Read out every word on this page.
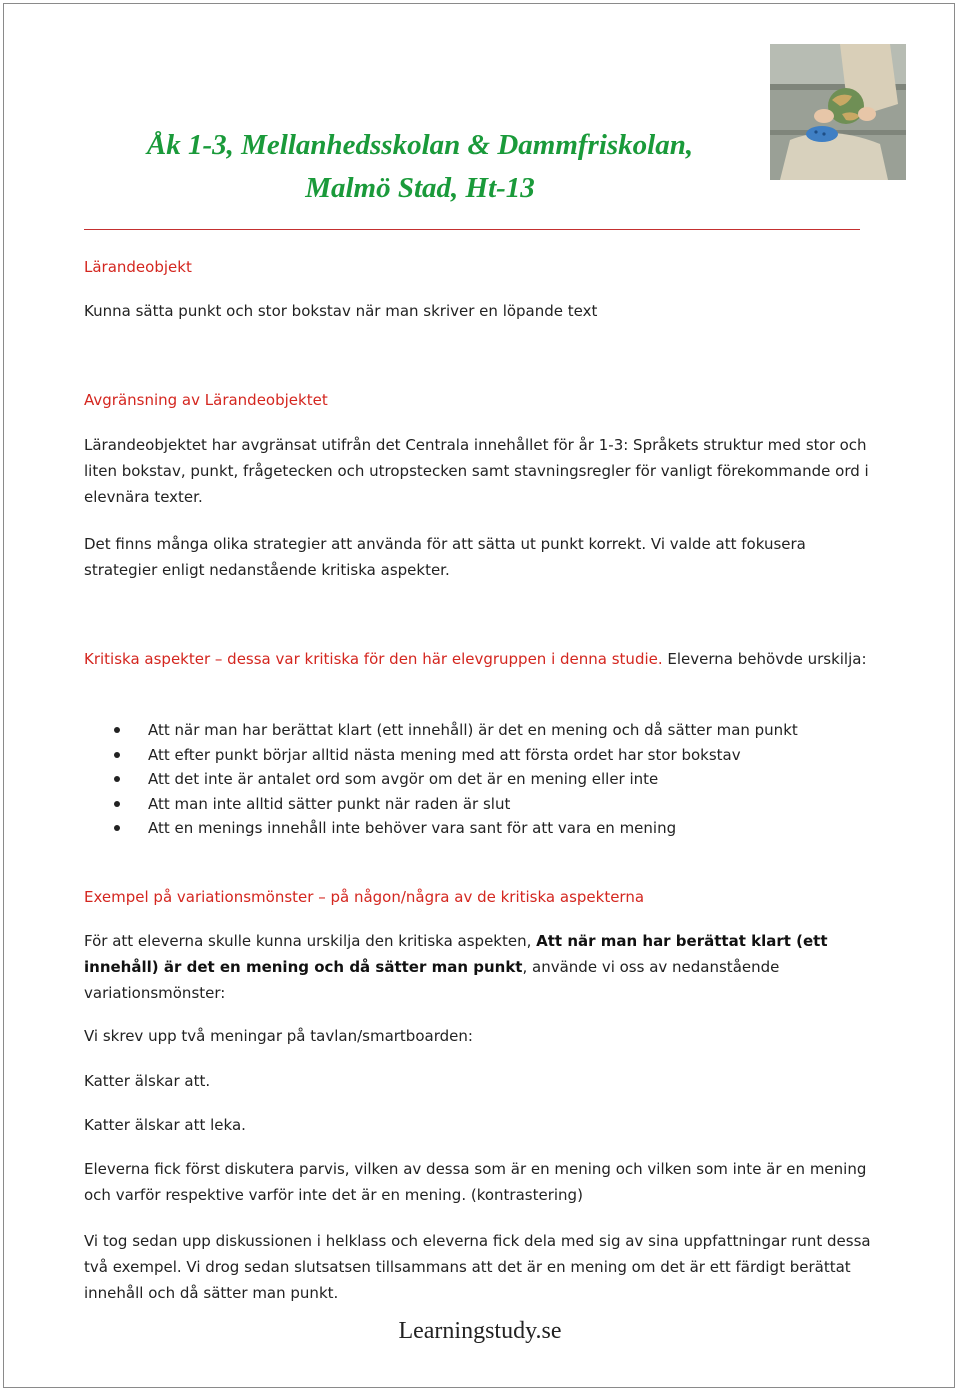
Åk 1-3, Mellanhedsskolan & Dammfriskolan,
Malmö Stad, Ht-13

Lärandeobjekt

Kunna sätta punkt och stor bokstav när man skriver en löpande text

Avgränsning av Lärandeobjektet

Lärandeobjektet har avgränsat utifrån det Centrala innehållet för år 1-3: Språkets struktur med stor och liten bokstav, punkt, frågetecken och utropstecken samt stavningsregler för vanligt förekommande ord i elevnära texter.

Det finns många olika strategier att använda för att sätta ut punkt korrekt. Vi valde att fokusera strategier enligt nedanstående kritiska aspekter.

Kritiska aspekter – dessa var kritiska för den här elevgruppen i denna studie. Eleverna behövde urskilja:

Att när man har berättat klart (ett innehåll) är det en mening och då sätter man punkt
Att efter punkt börjar alltid nästa mening med att första ordet har stor bokstav
Att det inte är antalet ord som avgör om det är en mening eller inte
Att man inte alltid sätter punkt när raden är slut
Att en menings innehåll inte behöver vara sant för att vara en mening

Exempel på variationsmönster – på någon/några av de kritiska aspekterna

För att eleverna skulle kunna urskilja den kritiska aspekten, Att när man har berättat klart (ett innehåll) är det en mening och då sätter man punkt, använde vi oss av nedanstående variationsmönster:

Vi skrev upp två meningar på tavlan/smartboarden:

Katter älskar att.

Katter älskar att leka.

Eleverna fick först diskutera parvis, vilken av dessa som är en mening och vilken som inte är en mening och varför respektive varför inte det är en mening. (kontrastering)

Vi tog sedan upp diskussionen i helklass och eleverna fick dela med sig av sina uppfattningar runt dessa två exempel. Vi drog sedan slutsatsen tillsammans att det är en mening om det är ett färdigt berättat innehåll och då sätter man punkt.

Learningstudy.se
